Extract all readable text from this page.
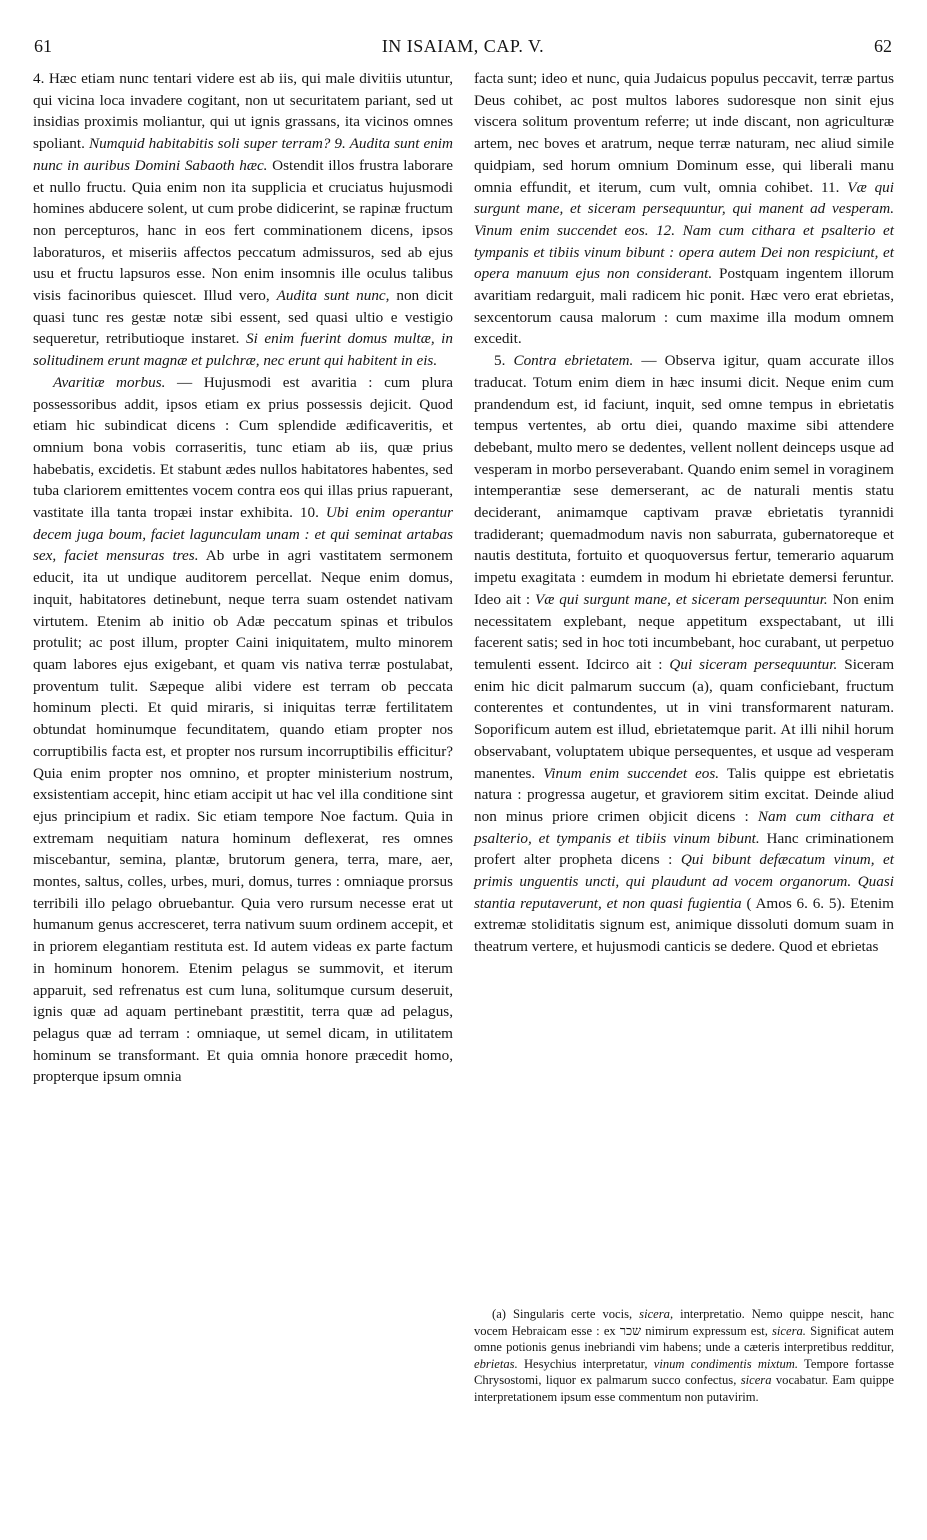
61	IN ISAIAM, CAP. V.	62

4. Hæc etiam nunc tentari videre est ab iis, qui male divitiis utuntur, qui vicina loca invadere cogitant, non ut securitatem pariant, sed ut insidias proximis moliantur, qui ut ignis grassans, ita vicinos omnes spoliant. Numquid habitabitis soli super terram? 9. Audita sunt enim nunc in auribus Domini Sabaoth hæc. Ostendit illos frustra laborare et nullo fructu. Quia enim non ita supplicia et cruciatus hujusmodi homines abducere solent, ut cum probe didicerint, se rapinæ fructum non percepturos, hanc in eos fert comminationem dicens, ipsos laboraturos, et miseriis affectos peccatum admissuros, sed ab ejus usu et fructu lapsuros esse. Non enim insomnis ille oculus talibus visis facinoribus quiescet. Illud vero, Audita sunt nunc, non dicit quasi tunc res gestæ notæ sibi essent, sed quasi ultio e vestigio sequeretur, retributioque instaret. Si enim fuerint domus multæ, in solitudinem erunt magnæ et pulchræ, nec erunt qui habitent in eis.

Avaritiæ morbus. — Hujusmodi est avaritia : cum plura possessoribus addit, ipsos etiam ex prius possessis dejicit. Quod etiam hic subindicat dicens : Cum splendide ædificaveritis, et omnium bona vobis corraseritis, tunc etiam ab iis, quæ prius habebatis, excidetis. Et stabunt ædes nullos habitatores habentes, sed tuba clariorem emittentes vocem contra eos qui illas prius rapuerant, vastitate illa tanta tropæi instar exhibita. 10. Ubi enim operantur decem juga boum, faciet lagunculam unam : et qui seminat artabas sex, faciet mensuras tres. Ab urbe in agri vastitatem sermonem educit, ita ut undique auditorem percellat. Neque enim domus, inquit, habitatores detinebunt, neque terra suam ostendet nativam virtutem. Etenim ab initio ob Adæ peccatum spinas et tribulos protulit; ac post illum, propter Caini iniquitatem, multo minorem quam labores ejus exigebant, et quam vis nativa terræ postulabat, proventum tulit. Sæpeque alibi videre est terram ob peccata hominum plecti. Et quid miraris, si iniquitas terræ fertilitatem obtundat hominumque fecunditatem, quando etiam propter nos corruptibilis facta est, et propter nos rursum incorruptibilis efficitur? Quia enim propter nos omnino, et propter ministerium nostrum, exsistentiam accepit, hinc etiam accipit ut hac vel illa conditione sint ejus principium et radix. Sic etiam tempore Noe factum. Quia in extremam nequitiam natura hominum deflexerat, res omnes miscebantur, semina, plantæ, brutorum genera, terra, mare, aer, montes, saltus, colles, urbes, muri, domus, turres : omniaque prorsus terribili illo pelago obruebantur. Quia vero rursum necesse erat ut humanum genus accresceret, terra nativum suum ordinem accepit, et in priorem elegantiam restituta est. Id autem videas ex parte factum in hominum honorem. Etenim pelagus se summovit, et iterum apparuit, sed refrenatus est cum luna, solitumque cursum deseruit, ignis quæ ad aquam pertinebant præstitit, terra quæ ad pelagus, pelagus quæ ad terram : omniaque, ut semel dicam, in utilitatem hominum se transformant. Et quia omnia honore præcedit homo, propterque ipsum omnia

facta sunt; ideo et nunc, quia Judaicus populus peccavit, terræ partus Deus cohibet, ac post multos labores sudoresque non sinit ejus viscera solitum proventum referre; ut inde discant, non agriculturæ artem, nec boves et aratrum, neque terræ naturam, nec aliud simile quidpiam, sed horum omnium Dominum esse, qui liberali manu omnia effundit, et iterum, cum vult, omnia cohibet. 11. Væ qui surgunt mane, et siceram persequuntur, qui manent ad vesperam. Vinum enim succendet eos. 12. Nam cum cithara et psalterio et tympanis et tibiis vinum bibunt : opera autem Dei non respiciunt, et opera manuum ejus non considerant. Postquam ingentem illorum avaritiam redarguit, mali radicem hic ponit. Hæc vero erat ebrietas, sexcentorum causa malorum : cum maxime illa modum omnem excedit.

5. Contra ebrietatem. — Observa igitur, quam accurate illos traducat. Totum enim diem in hæc insumi dicit. Neque enim cum prandendum est, id faciunt, inquit, sed omne tempus in ebrietatis tempus vertentes, ab ortu diei, quando maxime sibi attendere debebant, multo mero se dedentes, vellent nollent deinceps usque ad vesperam in morbo perseverabant. Quando enim semel in voraginem intemperantiæ sese demerserant, ac de naturali mentis statu deciderant, animamque captivam pravæ ebrietatis tyrannidi tradiderant; quemadmodum navis non saburrata, gubernatoreque et nautis destituta, fortuito et quoquoversus fertur, temerario aquarum impetu exagitata : eumdem in modum hi ebrietate demersi feruntur. Ideo ait : Væ qui surgunt mane, et siceram persequuntur. Non enim necessitatem explebant, neque appetitum exspectabant, ut illi facerent satis; sed in hoc toti incumbebant, hoc curabant, ut perpetuo temulenti essent. Idcirco ait : Qui siceram persequuntur. Siceram enim hic dicit palmarum succum (a), quam conficiebant, fructum conterentes et contundentes, ut in vini transformarent naturam. Soporificum autem est illud, ebrietatemque parit. At illi nihil horum observabant, voluptatem ubique persequentes, et usque ad vesperam manentes. Vinum enim succendet eos. Talis quippe est ebrietatis natura : progressa augetur, et graviorem sitim excitat. Deinde aliud non minus priore crimen objicit dicens : Nam cum cithara et psalterio, et tympanis et tibiis vinum bibunt. Hanc criminationem profert alter propheta dicens : Qui bibunt defæcatum vinum, et primis unguentis uncti, qui plaudunt ad vocem organorum. Quasi stantia reputaverunt, et non quasi fugientia ( Amos 6. 6. 5). Etenim extremæ stoliditatis signum est, animique dissoluti domum suam in theatrum vertere, et hujusmodi canticis se dedere. Quod et ebrietas

(a) Singularis certe vocis, sicera, interpretatio. Nemo quippe nescit, hanc vocem Hebraicam esse : ex שכר nimirum expressum est, sicera. Significat autem omne potionis genus inebriandi vim habens; unde a cæteris interpretibus redditur, ebrietas. Hesychius interpretatur, vinum condimentis mixtum. Tempore fortasse Chrysostomi, liquor ex palmarum succo confectus, sicera vocabatur. Eam quippe interpretationem ipsum esse commentum non putavirim.
